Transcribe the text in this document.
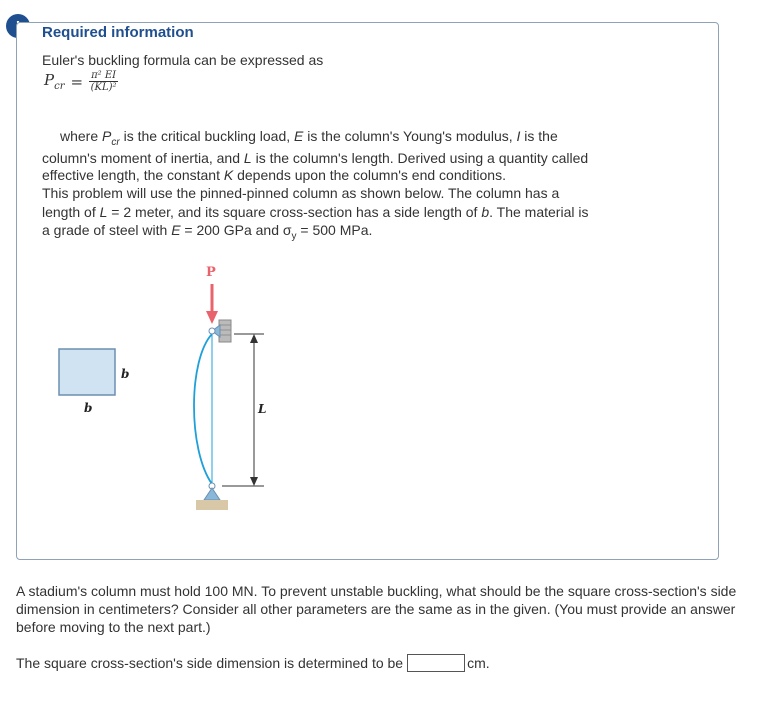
Required information
Euler's buckling formula can be expressed as
$P_{cr} = \frac{\text{π² EI}}{\text{(KL)²}}$
where $P_{cr}$ is the critical buckling load, E is the column's Young's modulus, I is the
column's moment of inertia, and L is the column's length. Derived using a quantity called
effective length, the constant K depends upon the column's end conditions.
This problem will use the pinned-pinned column as shown below. The column has a
length of L = 2 meter, and its square cross-section has a side length of b. The material is
a grade of steel with E = 200 GPa and $\sigma_y = 500$ MPa.
b
b
P
L
A stadium's column must hold 100 MN. To prevent unstable buckling, what should be the square cross-section's side dimension in centimeters? Consider all other parameters are the same as in the given. (You must provide an answer before moving to the next part.)
The square cross-section's side dimension is determined to be	cm.
